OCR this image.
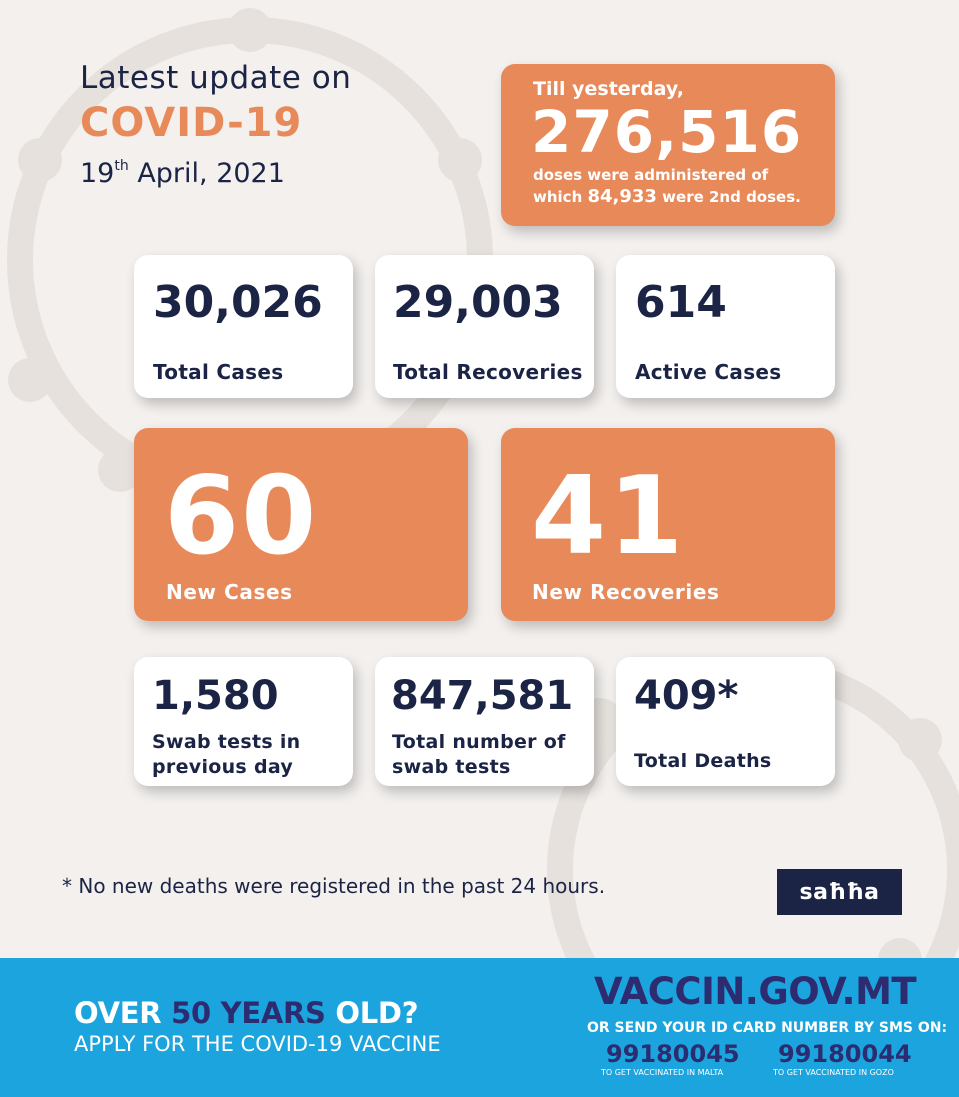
Latest update on
COVID-19
19th April, 2021
Till yesterday,
276,516
doses were administered of
which 84,933 were 2nd doses.
30,026
Total Cases
29,003
Total Recoveries
614
Active Cases
60
New Cases
41
New Recoveries
1,580
Swab tests in
previous day
847,581
Total number of
swab tests
409*
Total Deaths
* No new deaths were registered in the past 24 hours.	saħħa
OVER 50 YEARS OLD?
APPLY FOR THE COVID-19 VACCINE
VACCIN.GOV.MT
OR SEND YOUR ID CARD NUMBER BY SMS ON:
99180045
TO GET VACCINATED IN MALTA
99180044
TO GET VACCINATED IN GOZO
